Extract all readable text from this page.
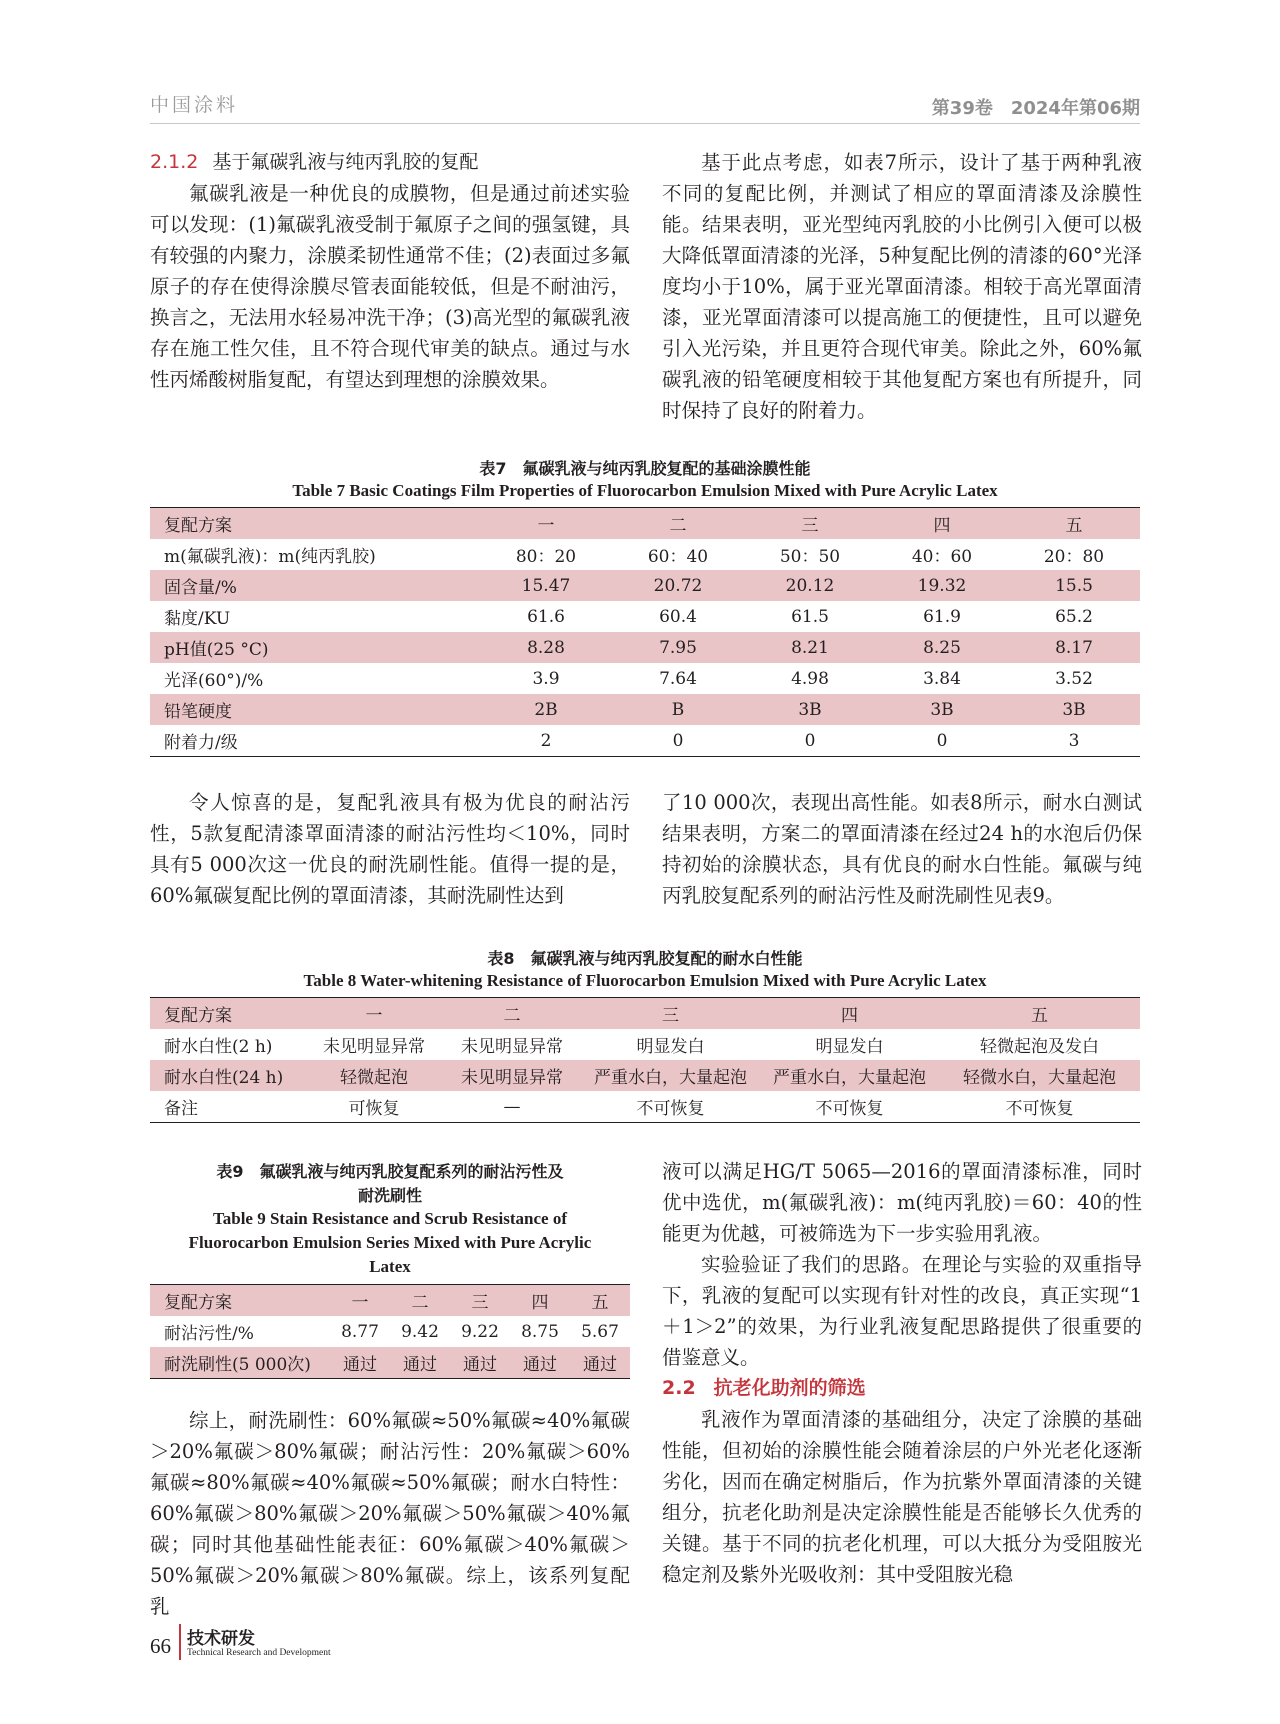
中国涂料	第39卷　2024年第06期
2.1.2 基于氟碳乳液与纯丙乳胶的复配

氟碳乳液是一种优良的成膜物，但是通过前述实验可以发现：(1)氟碳乳液受制于氟原子之间的强氢键，具有较强的内聚力，涂膜柔韧性通常不佳；(2)表面过多氟原子的存在使得涂膜尽管表面能较低，但是不耐油污，换言之，无法用水轻易冲洗干净；(3)高光型的氟碳乳液存在施工性欠佳，且不符合现代审美的缺点。通过与水性丙烯酸树脂复配，有望达到理想的涂膜效果。

基于此点考虑，如表7所示，设计了基于两种乳液不同的复配比例，并测试了相应的罩面清漆及涂膜性能。结果表明，亚光型纯丙乳胶的小比例引入便可以极大降低罩面清漆的光泽，5种复配比例的清漆的60°光泽度均小于10%，属于亚光罩面清漆。相较于高光罩面清漆，亚光罩面清漆可以提高施工的便捷性，且可以避免引入光污染，并且更符合现代审美。除此之外，60%氟碳乳液的铅笔硬度相较于其他复配方案也有所提升，同时保持了良好的附着力。

表7　氟碳乳液与纯丙乳胶复配的基础涂膜性能
Table 7 Basic Coatings Film Properties of Fluorocarbon Emulsion Mixed with Pure Acrylic Latex
复配方案	一	二	三	四	五
m(氟碳乳液)：m(纯丙乳胶)	80：20	60：40	50：50	40：60	20：80
固含量/%	15.47	20.72	20.12	19.32	15.5
黏度/KU	61.6	60.4	61.5	61.9	65.2
pH值(25 °C)	8.28	7.95	8.21	8.25	8.17
光泽(60°)/%	3.9	7.64	4.98	3.84	3.52
铅笔硬度	2B	B	3B	3B	3B
附着力/级	2	0	0	0	3

令人惊喜的是，复配乳液具有极为优良的耐沾污性，5款复配清漆罩面清漆的耐沾污性均＜10%，同时具有5 000次这一优良的耐洗刷性能。值得一提的是，60%氟碳复配比例的罩面清漆，其耐洗刷性达到

了10 000次，表现出高性能。如表8所示，耐水白测试结果表明，方案二的罩面清漆在经过24 h的水泡后仍保持初始的涂膜状态，具有优良的耐水白性能。氟碳与纯丙乳胶复配系列的耐沾污性及耐洗刷性见表9。

表8　氟碳乳液与纯丙乳胶复配的耐水白性能
Table 8 Water-whitening Resistance of Fluorocarbon Emulsion Mixed with Pure Acrylic Latex
复配方案	一	二	三	四	五
耐水白性(2 h)	未见明显异常	未见明显异常	明显发白	明显发白	轻微起泡及发白
耐水白性(24 h)	轻微起泡	未见明显异常	严重水白，大量起泡	严重水白，大量起泡	轻微水白，大量起泡
备注	可恢复	—	不可恢复	不可恢复	不可恢复
表9　氟碳乳液与纯丙乳胶复配系列的耐沾污性及
耐洗刷性
Table 9 Stain Resistance and Scrub Resistance of
Fluorocarbon Emulsion Series Mixed with Pure Acrylic
Latex
复配方案	一	二	三	四	五
耐沾污性/%	8.77	9.42	9.22	8.75	5.67
耐洗刷性(5 000次)	通过	通过	通过	通过	通过

综上，耐洗刷性：60%氟碳≈50%氟碳≈40%氟碳＞20%氟碳＞80%氟碳；耐沾污性：20%氟碳＞60%氟碳≈80%氟碳≈40%氟碳≈50%氟碳；耐水白特性：60%氟碳＞80%氟碳＞20%氟碳＞50%氟碳＞40%氟碳；同时其他基础性能表征：60%氟碳＞40%氟碳＞50%氟碳＞20%氟碳＞80%氟碳。综上，该系列复配乳

液可以满足HG/T 5065—2016的罩面清漆标准，同时优中选优，m(氟碳乳液)：m(纯丙乳胶)＝60：40的性能更为优越，可被筛选为下一步实验用乳液。

实验验证了我们的思路。在理论与实验的双重指导下，乳液的复配可以实现有针对性的改良，真正实现“1＋1＞2”的效果，为行业乳液复配思路提供了很重要的借鉴意义。

2.2 抗老化助剂的筛选

乳液作为罩面清漆的基础组分，决定了涂膜的基础性能，但初始的涂膜性能会随着涂层的户外光老化逐渐劣化，因而在确定树脂后，作为抗紫外罩面清漆的关键组分，抗老化助剂是决定涂膜性能是否能够长久优秀的关键。基于不同的抗老化机理，可以大抵分为受阻胺光稳定剂及紫外光吸收剂：其中受阻胺光稳

66 技术研发
Technical Research and Development
